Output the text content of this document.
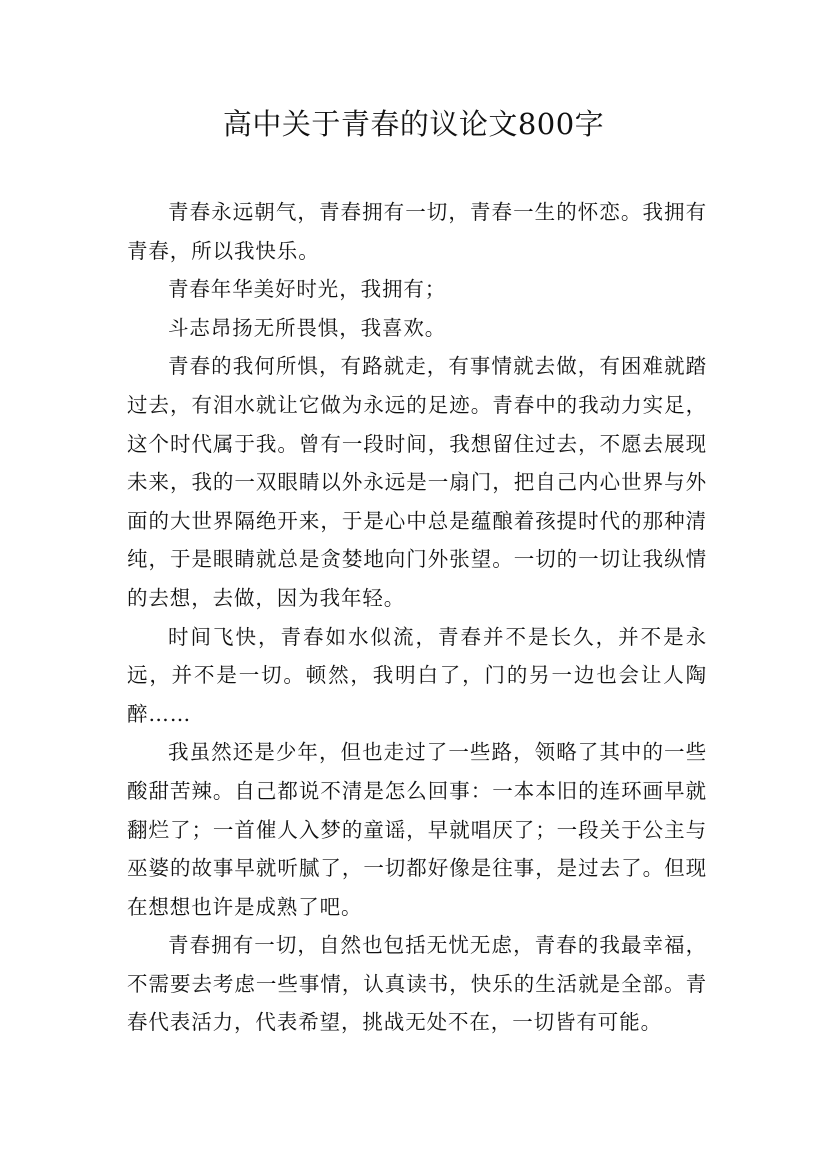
高中关于青春的议论文800字

青春永远朝气，青春拥有一切，青春一生的怀恋。我拥有青春，所以我快乐。

青春年华美好时光，我拥有；

斗志昂扬无所畏惧，我喜欢。

青春的我何所惧，有路就走，有事情就去做，有困难就踏过去，有泪水就让它做为永远的足迹。青春中的我动力实足，这个时代属于我。曾有一段时间，我想留住过去，不愿去展现未来，我的一双眼睛以外永远是一扇门，把自己内心世界与外面的大世界隔绝开来，于是心中总是蕴酿着孩提时代的那种清纯，于是眼睛就总是贪婪地向门外张望。一切的一切让我纵情的去想，去做，因为我年轻。

时间飞快，青春如水似流，青春并不是长久，并不是永远，并不是一切。顿然，我明白了，门的另一边也会让人陶醉……

我虽然还是少年，但也走过了一些路，领略了其中的一些酸甜苦辣。自己都说不清是怎么回事：一本本旧的连环画早就翻烂了；一首催人入梦的童谣，早就唱厌了；一段关于公主与巫婆的故事早就听腻了，一切都好像是往事，是过去了。但现在想想也许是成熟了吧。

青春拥有一切，自然也包括无忧无虑，青春的我最幸福，不需要去考虑一些事情，认真读书，快乐的生活就是全部。青春代表活力，代表希望，挑战无处不在，一切皆有可能。
